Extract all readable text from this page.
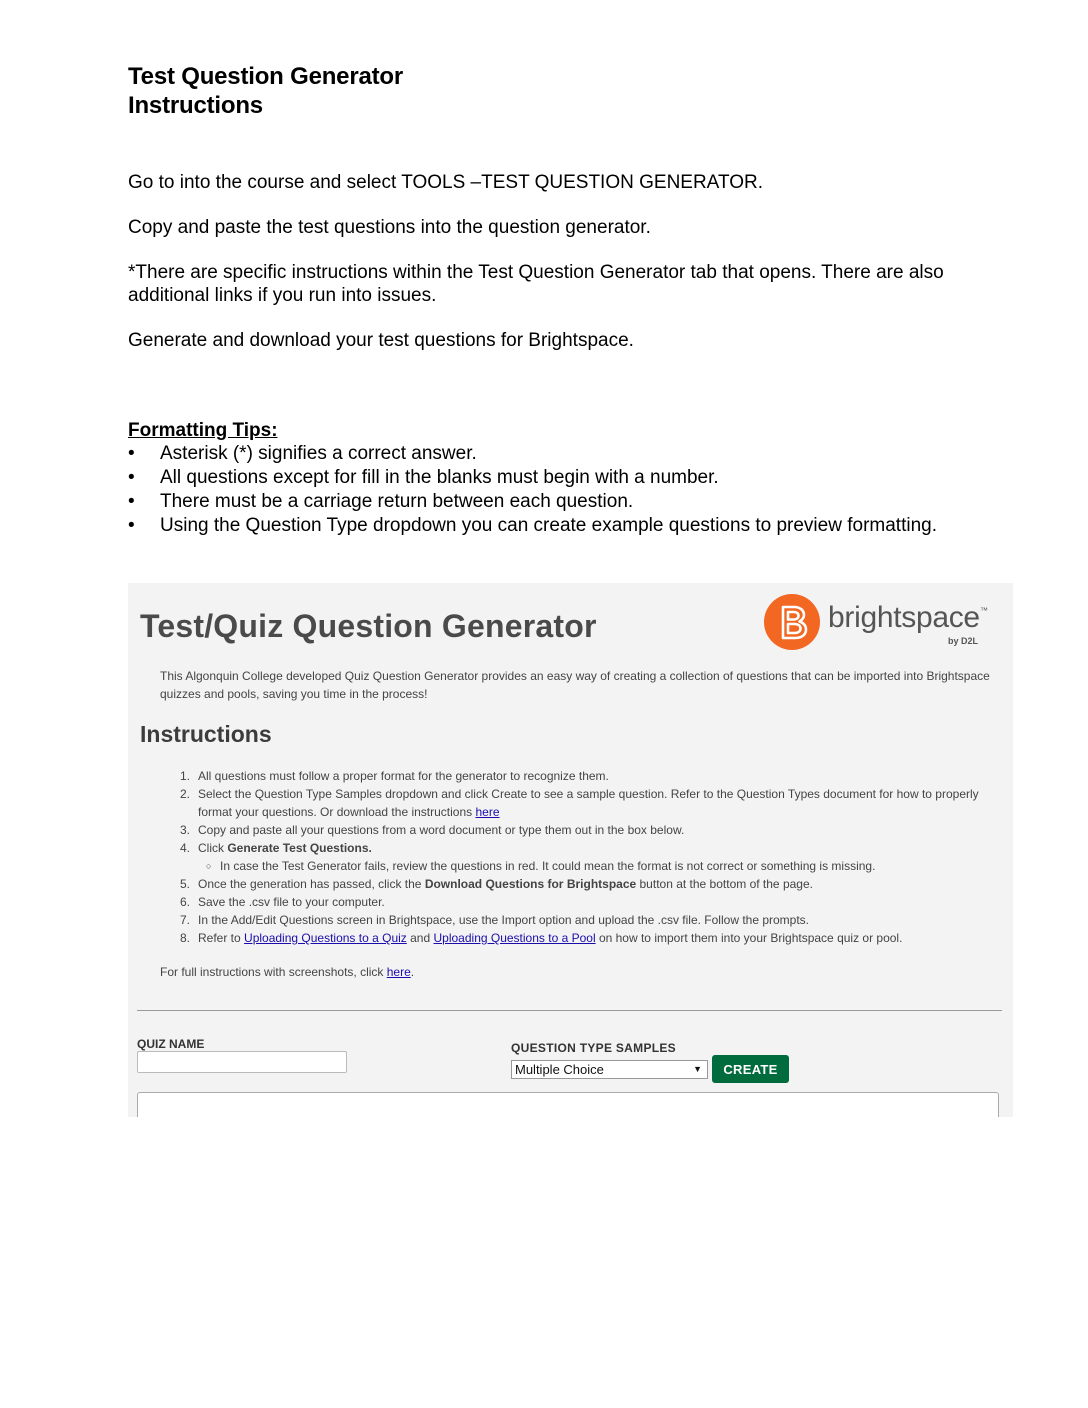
Test Question Generator
Instructions

Go to into the course and select TOOLS –TEST QUESTION GENERATOR.

Copy and paste the test questions into the question generator.

*There are specific instructions within the Test Question Generator tab that opens. There are also additional links if you run into issues.

Generate and download your test questions for Brightspace.

Formatting Tips:
• Asterisk (*) signifies a correct answer.
• All questions except for fill in the blanks must begin with a number.
• There must be a carriage return between each question.
• Using the Question Type dropdown you can create example questions to preview formatting.
Test/Quiz Question Generator	brightspace ™
by D2L

This Algonquin College developed Quiz Question Generator provides an easy way of creating a collection of questions that can be imported into Brightspace quizzes and pools, saving you time in the process!

Instructions
1. All questions must follow a proper format for the generator to recognize them.
2. Select the Question Type Samples dropdown and click Create to see a sample question. Refer to the Question Types document for how to properly format your questions. Or download the instructions here
3. Copy and paste all your questions from a word document or type them out in the box below.
4. Click Generate Test Questions.
○ In case the Test Generator fails, review the questions in red. It could mean the format is not correct or something is missing.
5. Once the generation has passed, click the Download Questions for Brightspace button at the bottom of the page.
6. Save the .csv file to your computer.
7. In the Add/Edit Questions screen in Brightspace, use the Import option and upload the .csv file. Follow the prompts.
8. Refer to Uploading Questions to a Quiz and Uploading Questions to a Pool on how to import them into your Brightspace quiz or pool.

For full instructions with screenshots, click here.

QUIZ NAME	QUESTION TYPE SAMPLES
Multiple Choice	▼	CREATE
